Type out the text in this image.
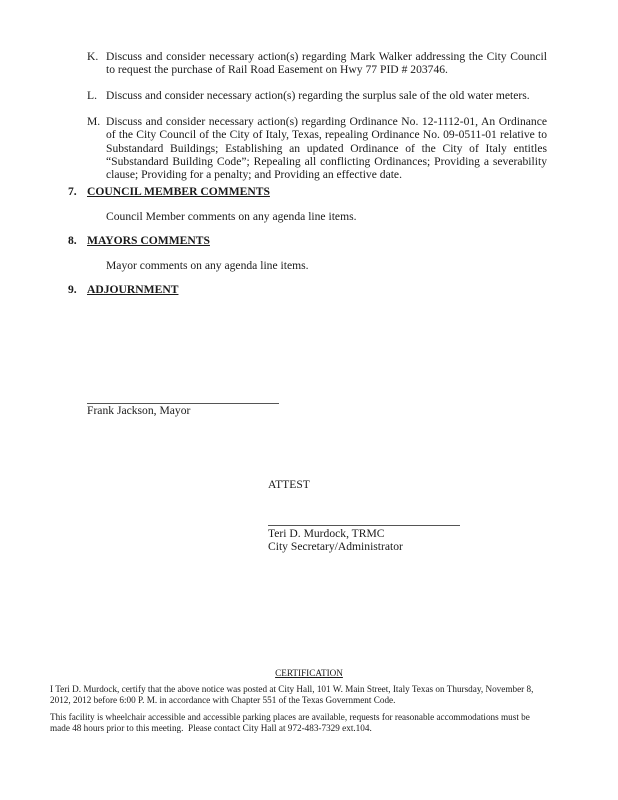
K. Discuss and consider necessary action(s) regarding Mark Walker addressing the City Council to request the purchase of Rail Road Easement on Hwy 77 PID # 203746.
L. Discuss and consider necessary action(s) regarding the surplus sale of the old water meters.
M. Discuss and consider necessary action(s) regarding Ordinance No. 12-1112-01, An Ordinance of the City Council of the City of Italy, Texas, repealing Ordinance No. 09-0511-01 relative to Substandard Buildings; Establishing an updated Ordinance of the City of Italy entitles “Substandard Building Code”; Repealing all conflicting Ordinances; Providing a severability clause; Providing for a penalty; and Providing an effective date.
7. COUNCIL MEMBER COMMENTS
Council Member comments on any agenda line items.
8. MAYORS COMMENTS
Mayor comments on any agenda line items.
9. ADJOURNMENT
Frank Jackson, Mayor
ATTEST
Teri D. Murdock, TRMC
City Secretary/Administrator
CERTIFICATION
I Teri D. Murdock, certify that the above notice was posted at City Hall, 101 W. Main Street, Italy Texas on Thursday, November 8,
2012, 2012 before 6:00 P. M. in accordance with Chapter 551 of the Texas Government Code.
This facility is wheelchair accessible and accessible parking places are available, requests for reasonable accommodations must be
made 48 hours prior to this meeting.  Please contact City Hall at 972-483-7329 ext.104.
